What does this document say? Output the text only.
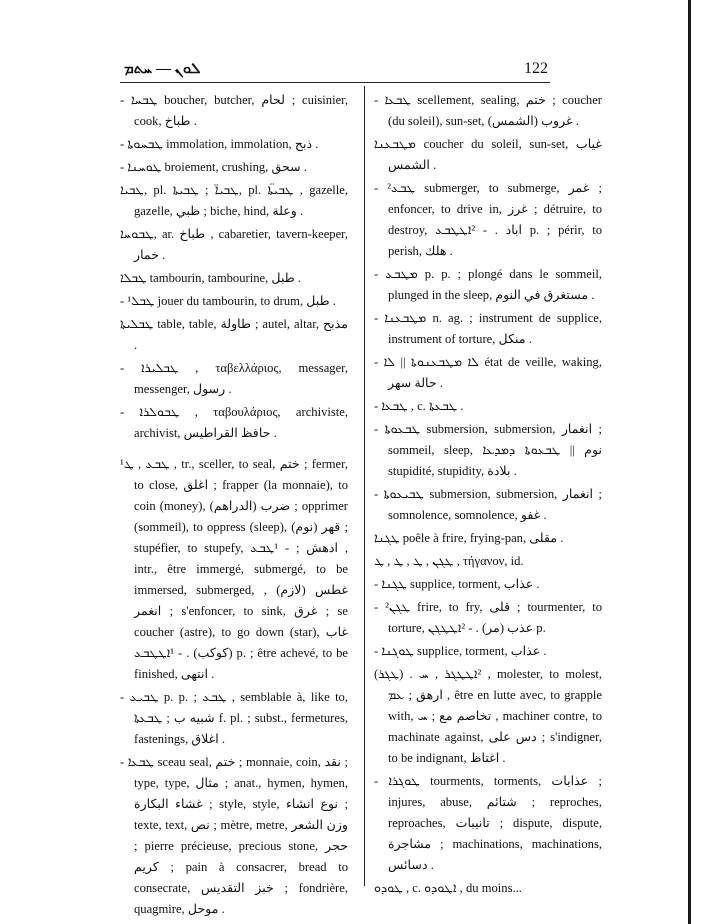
ܠܘܢ — ܚܬܡ	122

- ܛܒܚܐ boucher, butcher, لحام ; cuisinier, cook, طباخ .

- ܛܒܚܘܬܐ immolation, immolation, ذبح .

- ܛܘܚܢܐ broiement, crushing, سحق .

ܛܒܝܐ, pl. ܛܒܝܐ̈ ; ܛܒܝܬܐ, pl. ܛܒܝܬܐ̈ , gazelle, gazelle, ظبي ; biche, hind, وعلة .

ܛܒܘܚܐ, ar. طباخ , cabaretier, tavern-keeper, خمار .

ܛܒܠܐ tambourin, tambourine, طبل .

- ܛܒܠ¹ jouer du tambourin, to drum, طبل .

ܛܒܠܝܬܐ table, table, طاولة ; autel, altar, مذبح .

- ܛܒܠܝܪܐ , ταβελλάριος, messager, messenger, رسول .

- ܛܒܘܠܪܐ , ταβουλάριος, archiviste, archivist, حافظ القراطيس .

¹ܛܒܥ , ܛ , tr., sceller, to seal, ختم ; fermer, to close, اغلق ; frapper (la monnaie), to coin (money), ضرب (الدراهم) ; opprimer (sommeil), to oppress (sleep), قهر (نوم) ; stupéfier, to stupefy, ادهش ; - ¹ܛܒܥ , intr., être immergé, submergé, to be immersed, submerged, غطس (لازم) , انغمر ; s'enfoncer, to sink, غرق ; se coucher (astre), to go down (star), غاب (كوكب) . - ¹ܐܛܛܒܥ p. ; être achevé, to be finished, انتهى .

- ܛܒܝܥ p. p. ; ܛܒܥ , semblable à, like to, شبيه ب ; ܛܒܥܬܐ f. pl. ; subst., fermetures, fastenings, اغلاق .

- ܛܒܥܐ sceau seal, ختم ; monnaie, coin, نقد ; type, type, مثال ; anat., hymen, hymen, غشاء البكارة ; style, style, نوع انشاء ; texte, text, نص ; mètre, metre, وزن الشعر ; pierre précieuse, precious stone, حجر كريم ; pain à consacrer, bread to consecrate, خبز التقديس ; fondrière, quagmire, موحل .

- ܛܒܥܐ scellement, sealing, ختم ; coucher (du soleil), sun-set, غروب (الشمس) .

ܡܛܒܥܢܐ coucher du soleil, sun-set, غياب الشمس .

- ²ܛܒܥ submerger, to submerge, غمر ; enfoncer, to drive in, غرز ; détruire, to destroy, اباد . - ²ܐܛܛܒܥ p. ; périr, to perish, هلك .

- ܡܛܒܥ p. p. ; plongé dans le sommeil, plunged in the sleep, مستغرق في النوم .

- ܡܛܒܥܢܐ n. ag. ; instrument de supplice, instrument of torture, منكل .

- ܠܐ ܡܛܒܥܢܘܬܐ || ܠܐ état de veille, waking, حالة سهر .

- ܛܒܥܐ , c. ܛܒܥܬܐ .

- ܛܒܥܘܬܐ submersion, submersion, انغمار ; sommeil, sleep, نوم || ܛܒܥܘܬܐ ܕܡܕܥܐ stupidité, stupidity, بلادة .

- ܛܒܝܥܘܬܐ submersion, submersion, انغمار ; somnolence, somnolence, غفو .

ܛܓܢܐ poêle à frire, frying-pan, مقلى .

ܛܓܢ , ܛ , ܛ , ܛ , τήγανον, id.

- ܛܓܢܐ supplice, torment, عذاب .

- ²ܛܓܢ frire, to fry, قلى ; tourmenter, to torture, عذب (مر) . - ²ܐܛܛܓܢ p.

- ܛܘܓܢܐ supplice, torment, عذاب .

(ܛܓܪ) . ²ܐܛܛܓܪ , ܚ , molester, to molest, ارهق ; ܥܡ , être en lutte avec, to grapple with, تخاصم مع ; ܚ , machiner contre, to machinate against, دس على ; s'indigner, to be indignant, اغتاظ .

- ܛܘܓܪܐ tourments, torments, عذابات ; injures, abuse, شتائم ; reproches, reproaches, تانيبات ; dispute, dispute, مشاجرة ; machinations, machinations, دسائس .

ܛܘܕܘ , c. ܐܛܘܕܘ , du moins...
